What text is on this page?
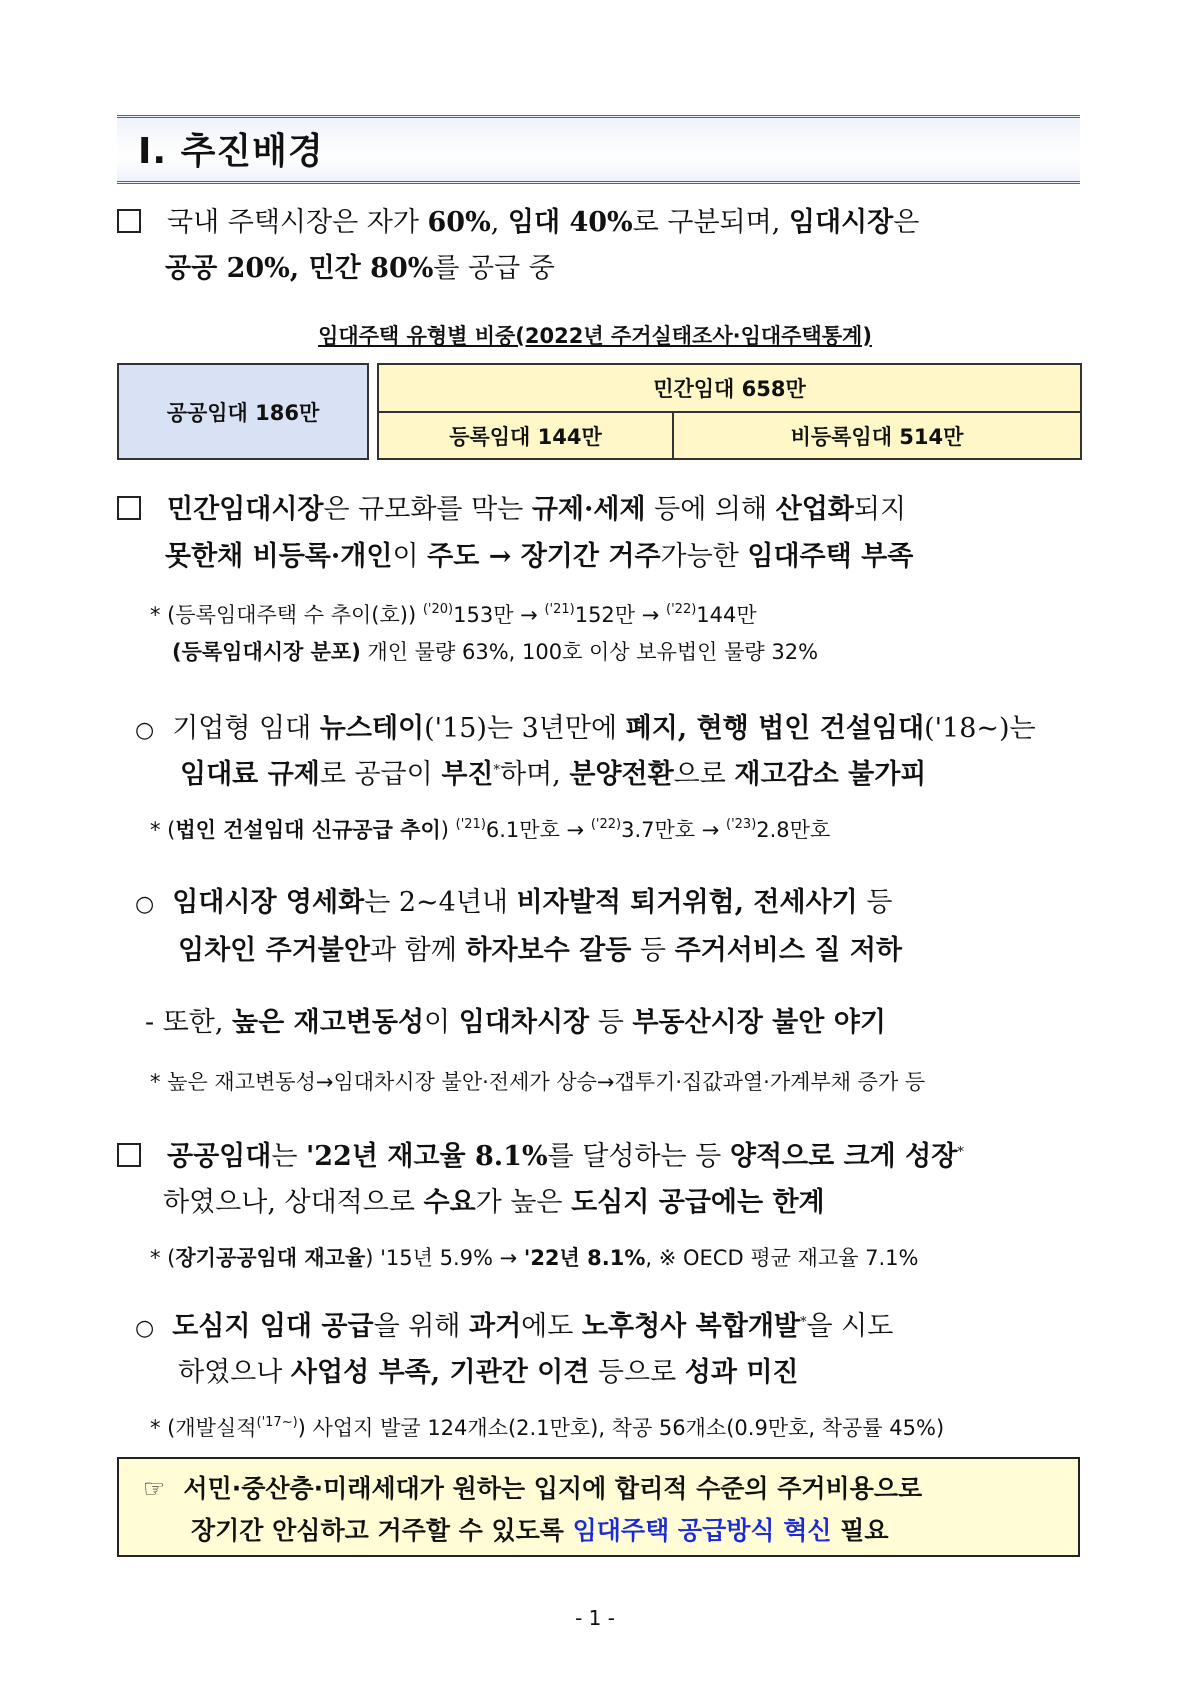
Ⅰ. 추진배경
국내 주택시장은 자가 60%, 임대 40%로 구분되며, 임대시장은
공공 20%, 민간 80%를 공급 중
임대주택 유형별 비중(2022년 주거실태조사·임대주택통계)
공공임대 186만
민간임대 658만
등록임대 144만	비등록임대 514만
민간임대시장은 규모화를 막는 규제·세제 등에 의해 산업화되지
못한채 비등록·개인이 주도 → 장기간 거주가능한 임대주택 부족
* (등록임대주택 수 추이(호)) $^{('20)}$153만 → $^{('21)}$152만 → $^{('22)}$144만
(등록임대시장 분포) 개인 물량 63%, 100호 이상 보유법인 물량 32%
○ 기업형 임대 뉴스테이('15)는 3년만에 폐지, 현행 법인 건설임대('18~)는
임대료 규제로 공급이 부진*하며, 분양전환으로 재고감소 불가피
* (법인 건설임대 신규공급 추이) $^{('21)}$6.1만호 → $^{('22)}$3.7만호 → $^{('23)}$2.8만호
○ 임대시장 영세화는 2~4년내 비자발적 퇴거위험, 전세사기 등
임차인 주거불안과 함께 하자보수 갈등 등 주거서비스 질 저하
- 또한, 높은 재고변동성이 임대차시장 등 부동산시장 불안 야기
* 높은 재고변동성→임대차시장 불안·전세가 상승→갭투기·집값과열·가계부채 증가 등
공공임대는 '22년 재고율 8.1%를 달성하는 등 양적으로 크게 성장*
하였으나, 상대적으로 수요가 높은 도심지 공급에는 한계
* (장기공공임대 재고율) '15년 5.9% → '22년 8.1%, ※ OECD 평균 재고율 7.1%
○ 도심지 임대 공급을 위해 과거에도 노후청사 복합개발*을 시도
하였으나 사업성 부족, 기관간 이견 등으로 성과 미진
* (개발실적$^{('17\sim)}$) 사업지 발굴 124개소(2.1만호), 착공 56개소(0.9만호, 착공률 45%)
☞ 서민·중산층·미래세대가 원하는 입지에 합리적 수준의 주거비용으로
장기간 안심하고 거주할 수 있도록 임대주택 공급방식 혁신 필요
- 1 -
